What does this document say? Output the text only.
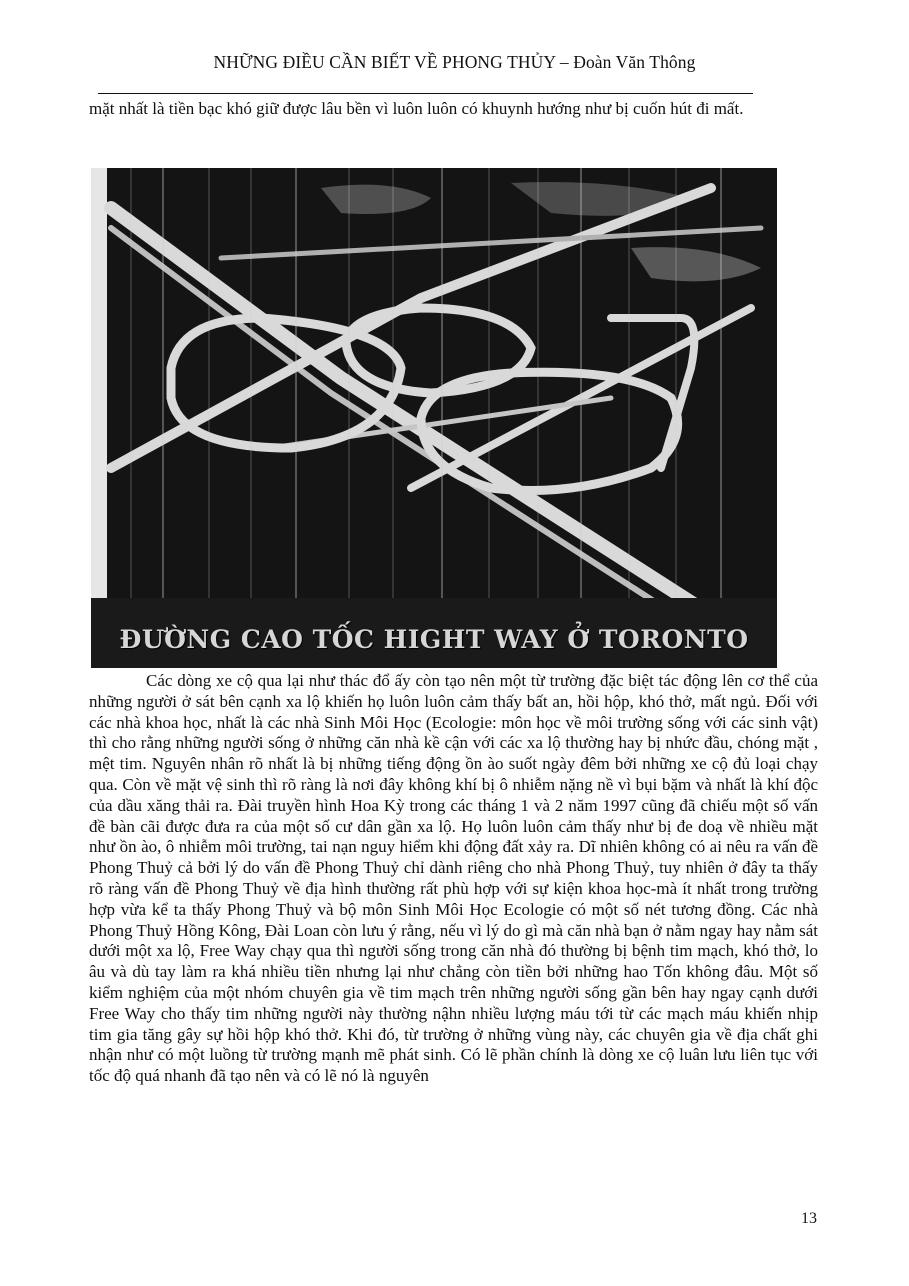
NHỮNG ĐIỀU CẦN BIẾT VỀ PHONG THỦY – Đoàn Văn Thông

mặt nhất là tiền bạc khó giữ được lâu bền vì luôn luôn có khuynh hướng như bị cuốn hút đi mất.

ĐƯỜNG CAO TỐC HIGHT WAY Ở TORONTO

Các dòng xe cộ qua lại như thác đổ ấy còn tạo nên một từ trường đặc biệt tác động lên cơ thể của những người ở sát bên cạnh xa lộ khiến họ luôn luôn cảm thấy bất an, hồi hộp, khó thở, mất ngủ. Đối với các nhà khoa học, nhất là các nhà Sinh Môi Học (Ecologie: môn học về môi trường sống với các sinh vật) thì cho rằng những người sống ở những căn nhà kề cận với các xa lộ thường hay bị nhức đầu, chóng mặt , mệt tim. Nguyên nhân rõ nhất là bị những tiếng động ồn ào suốt ngày đêm bởi những xe cộ đủ loại chạy qua. Còn về mặt vệ sinh thì rõ ràng là nơi đây không khí bị ô nhiễm nặng nề vì bụi bặm và nhất là khí độc của dầu xăng thải ra. Đài truyền hình Hoa Kỳ trong các tháng 1 và 2 năm 1997 cũng đã chiếu một số vấn đề bàn cãi được đưa ra của một số cư dân gần xa lộ. Họ luôn luôn cảm thấy như bị đe doạ về nhiều mặt như ồn ào, ô nhiễm môi trường, tai nạn nguy hiểm khi động đất xảy ra. Dĩ nhiên không có ai nêu ra vấn đề Phong Thuỷ cả bởi lý do vấn đề Phong Thuỷ chỉ dành riêng cho nhà Phong Thuỷ, tuy nhiên ở đây ta thấy rõ ràng vấn đề Phong Thuỷ về địa hình thường rất phù hợp với sự kiện khoa học-mà ít nhất trong trường hợp vừa kể ta thấy Phong Thuỷ và bộ môn Sinh Môi Học Ecologie có một số nét tương đồng. Các nhà Phong Thuỷ Hồng Kông, Đài Loan còn lưu ý rằng, nếu vì lý do gì mà căn nhà bạn ở nằm ngay hay nằm sát dưới một xa lộ, Free Way chạy qua thì người sống trong căn nhà đó thường bị bệnh tim mạch, khó thở, lo âu và dù tay làm ra khá nhiều tiền nhưng lại như chẳng còn tiền bởi những hao Tốn không đâu. Một số kiểm nghiệm của một nhóm chuyên gia về tim mạch trên những người sống gần bên hay ngay cạnh dưới Free Way cho thấy tim những người này thường nậhn nhiều lượng máu tới từ các mạch máu khiến nhịp tim gia tăng gây sự hồi hộp khó thở. Khi đó, từ trường ở những vùng này, các chuyên gia về địa chất ghi nhận như có một luồng từ trường mạnh mẽ phát sinh. Có lẽ phần chính là dòng xe cộ luân lưu liên tục với tốc độ quá nhanh đã tạo nên và có lẽ nó là nguyên

13
